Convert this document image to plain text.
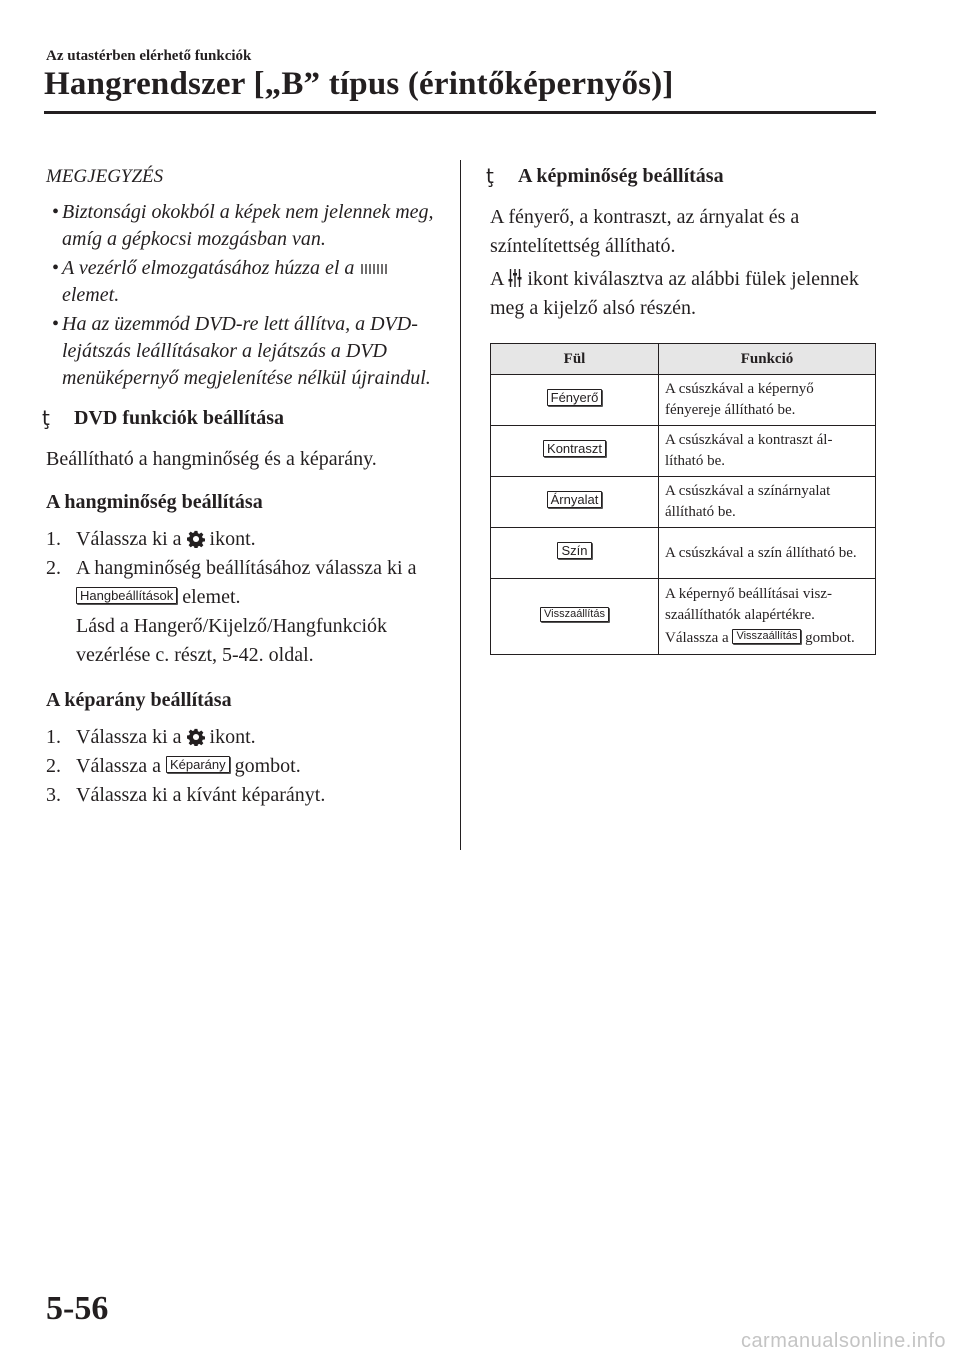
Az utastérben elérhető funkciók
Hangrendszer [„B” típus (érintőképernyős)]
MEGJEGYZÉS
• Biztonsági okokból a képek nem jelennek meg, amíg a gépkocsi mozgásban van.
• A vezérlő elmozgatásához húzza el a  elemet.
• Ha az üzemmód DVD-re lett állítva, a DVD-lejátszás leállításakor a lejátszás a DVD menüképernyő megjelenítése nélkül újraindul.
ţ DVD funkciók beállítása
Beállítható a hangminőség és a képarány.
A hangminőség beállítása
1. Válassza ki a ikont.
2. A hangminőség beállításához válassza ki a Hangbeállítások elemet.
Lásd a Hangerő/Kijelző/Hangfunkciók vezérlése c. részt, 5-42. oldal.
A képarány beállítása
1. Válassza ki a ikont.
2. Válassza a Képarány gombot.
3. Válassza ki a kívánt képarányt.
ţ A képminőség beállítása
A fényerő, a kontraszt, az árnyalat és a színtelítettség állítható.
A ikont kiválasztva az alábbi fülek jelennek meg a kijelző alsó részén.
Fül	Funkció
Fényerő	A csúszkával a képernyő fényereje állítható be.
Kontraszt	A csúszkával a kontraszt ál-lítható be.
Árnyalat	A csúszkával a színárnyalat állítható be.
Szín	A csúszkával a szín állítható be.
Visszaállítás	A képernyő beállításai visz-szaállíthatók alapértékre.
Válassza a Visszaállítás gombot.
5-56
carmanualsonline.info
